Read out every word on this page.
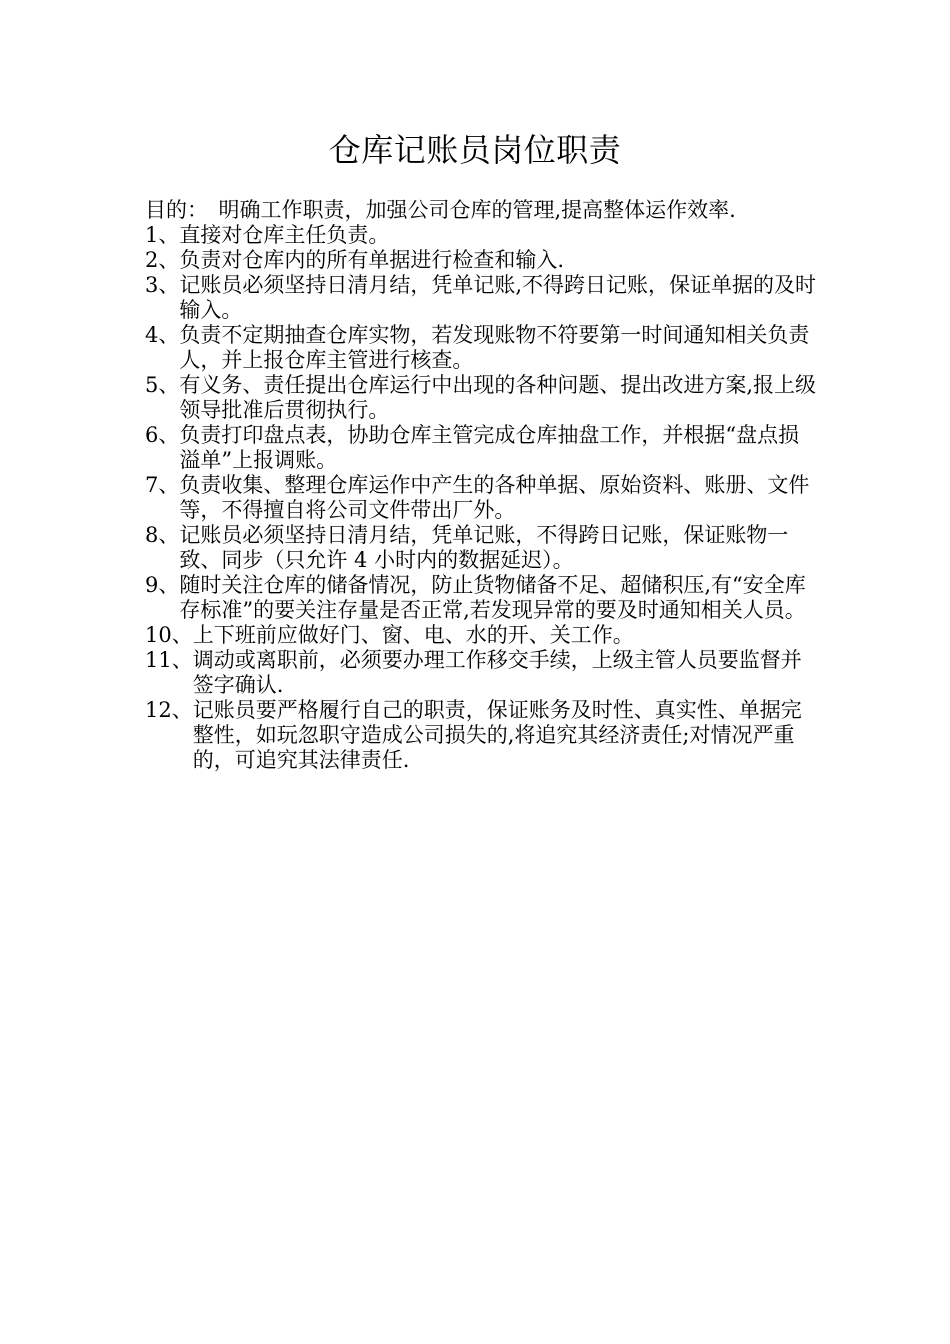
仓库记账员岗位职责

目的：　明确工作职责，加强公司仓库的管理,提高整体运作效率.

1、 直接对仓库主任负责。
2、 负责对仓库内的所有单据进行检查和输入.
3、 记账员必须坚持日清月结，凭单记账,不得跨日记账，保证单据的及时输入。
4、 负责不定期抽查仓库实物，若发现账物不符要第一时间通知相关负责人，并上报仓库主管进行核查。
5、 有义务、责任提出仓库运行中出现的各种问题、提出改进方案,报上级领导批准后贯彻执行。
6、 负责打印盘点表，协助仓库主管完成仓库抽盘工作，并根据“盘点损溢单”上报调账。
7、 负责收集、整理仓库运作中产生的各种单据、原始资料、账册、文件等，不得擅自将公司文件带出厂外。
8、 记账员必须坚持日清月结，凭单记账，不得跨日记账，保证账物一致、同步（只允许 4 小时内的数据延迟）。
9、 随时关注仓库的储备情况，防止货物储备不足、超储积压,有“安全库存标准”的要关注存量是否正常,若发现异常的要及时通知相关人员。
10、 上下班前应做好门、窗、电、水的开、关工作。
11、 调动或离职前，必须要办理工作移交手续，上级主管人员要监督并签字确认.
12、 记账员要严格履行自己的职责，保证账务及时性、真实性、单据完整性，如玩忽职守造成公司损失的,将追究其经济责任;对情况严重的，可追究其法律责任.
